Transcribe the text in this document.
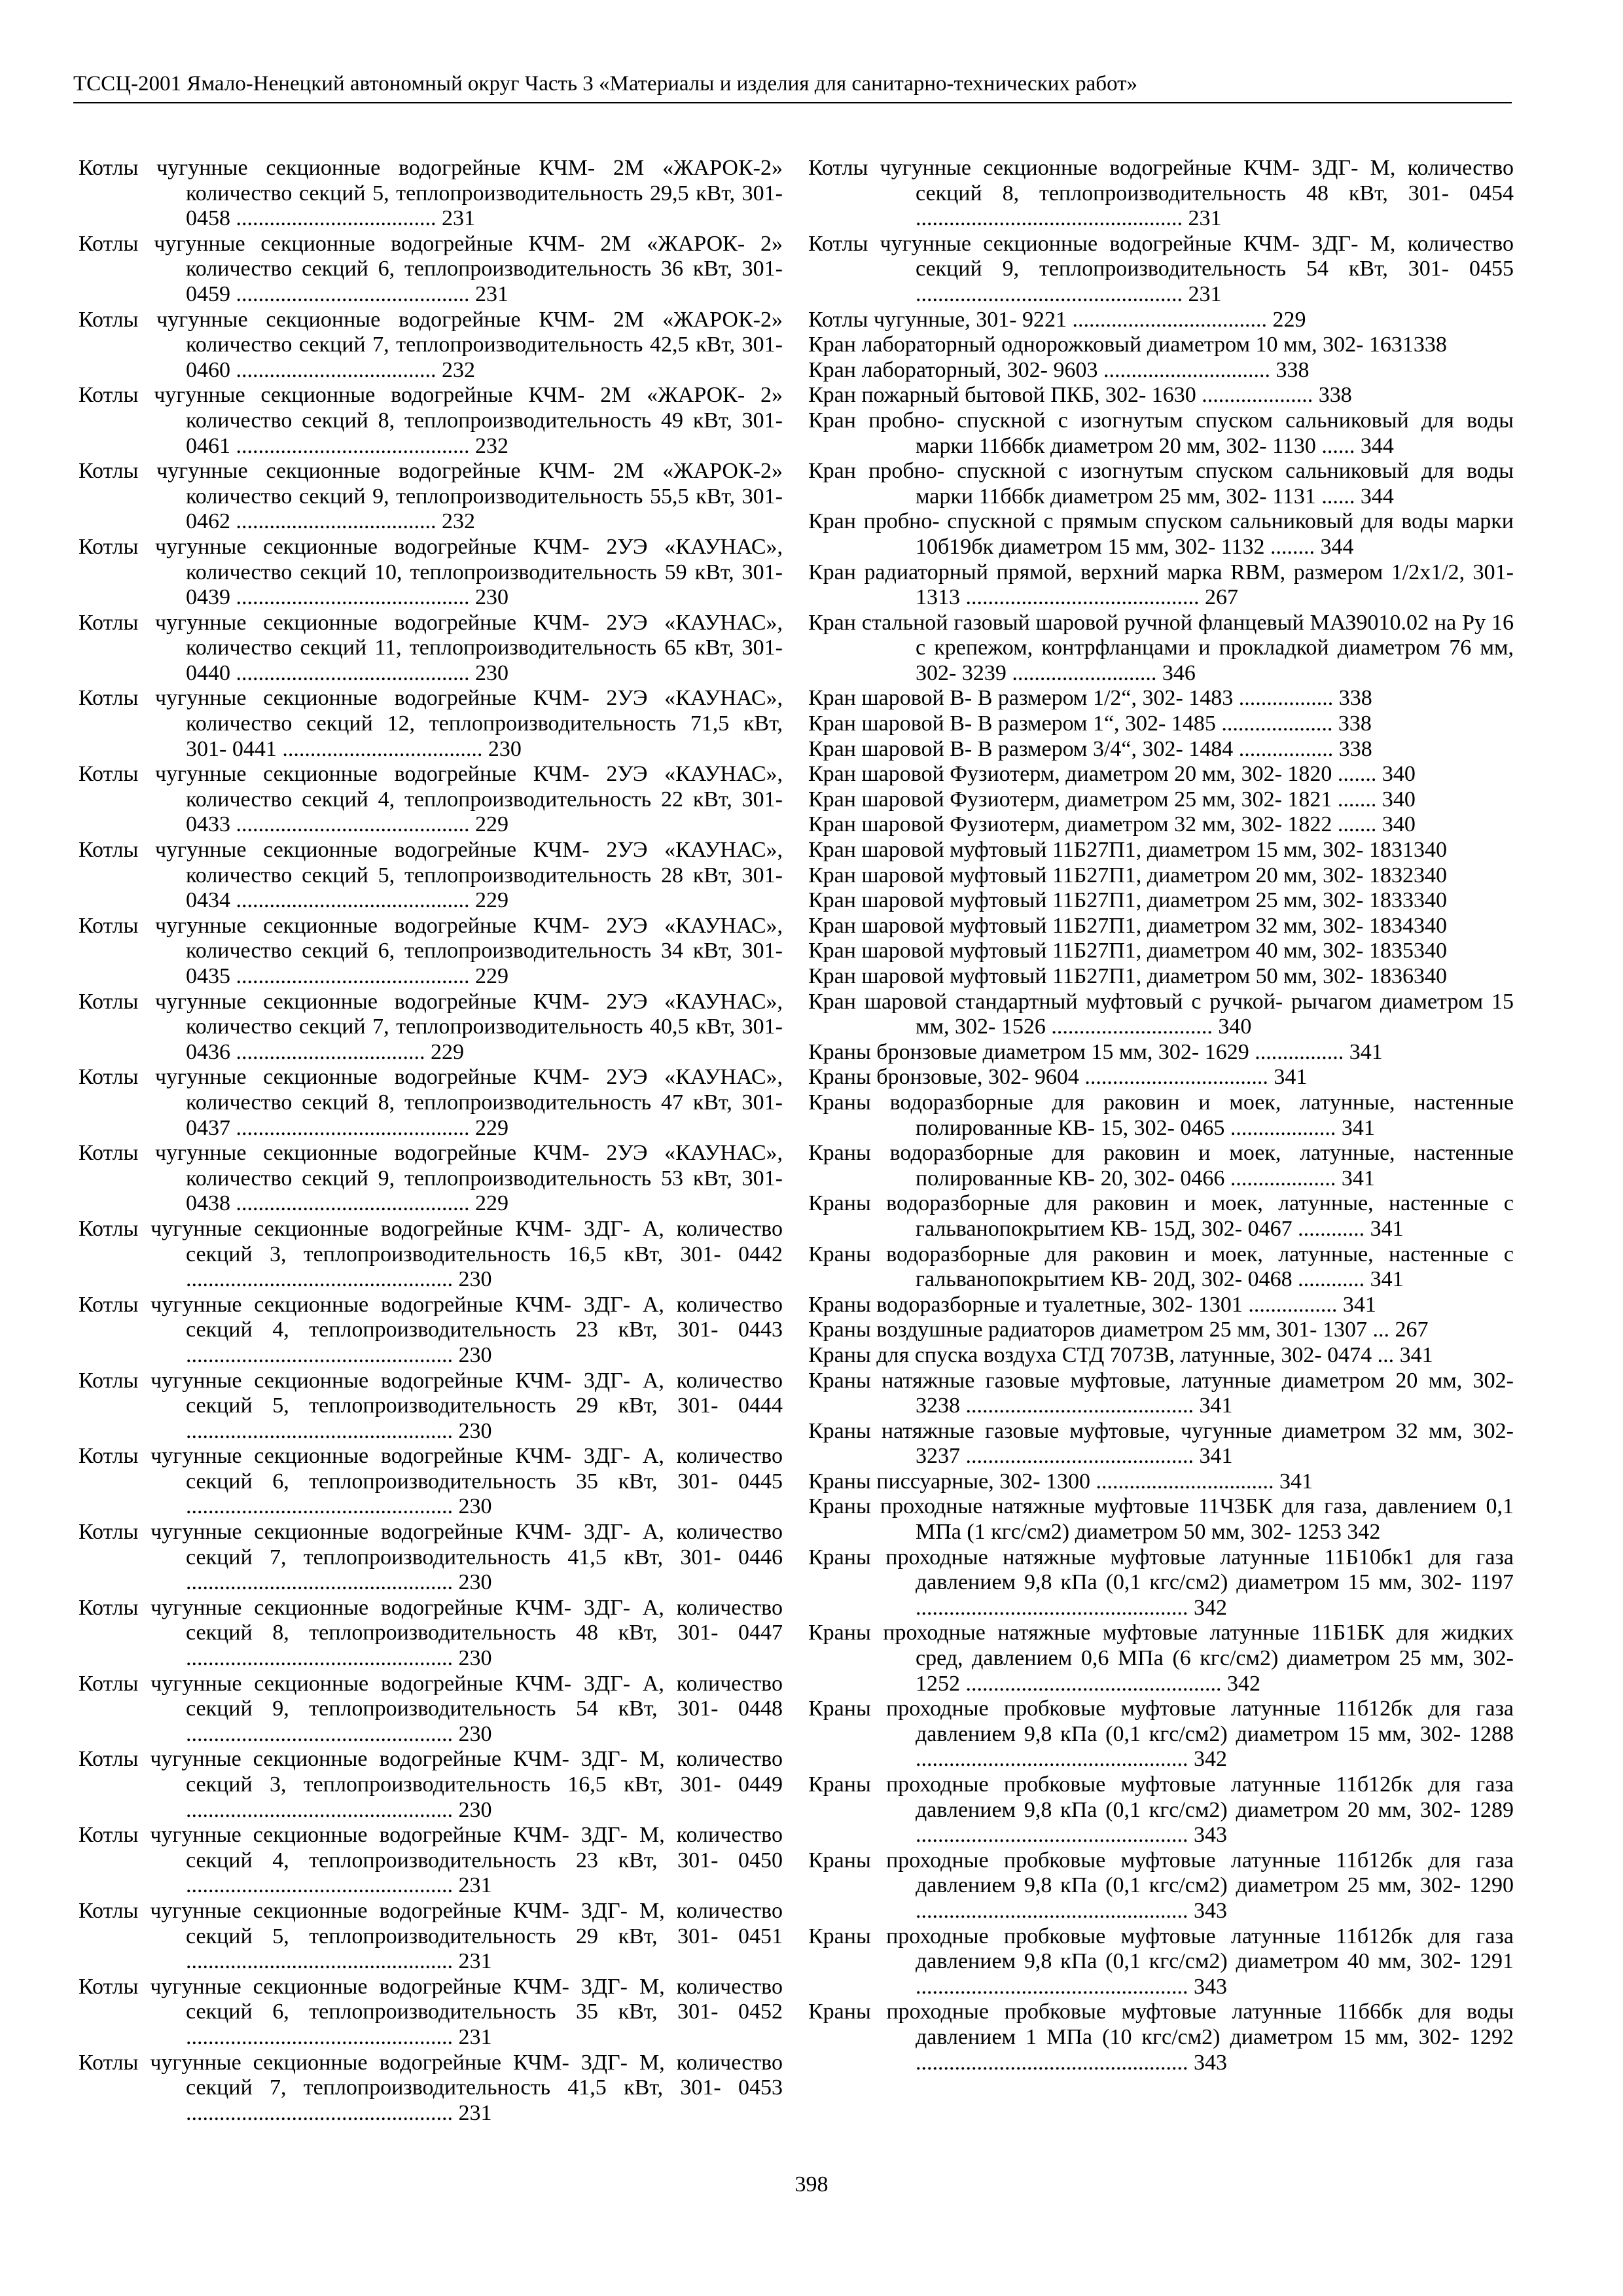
ТССЦ-2001 Ямало-Ненецкий автономный округ Часть 3 «Материалы и изделия для санитарно-технических работ»

Котлы чугунные секционные водогрейные КЧМ- 2М «ЖАРОК-2» количество секций 5, теплопроизводительность 29,5 кВт, 301- 0458 .................................... 231

Котлы чугунные секционные водогрейные КЧМ- 2М «ЖАРОК- 2» количество секций 6, теплопроизводительность 36 кВт, 301- 0459 .......................................... 231

Котлы чугунные секционные водогрейные КЧМ- 2М «ЖАРОК-2» количество секций 7, теплопроизводительность 42,5 кВт, 301- 0460 .................................... 232

Котлы чугунные секционные водогрейные КЧМ- 2М «ЖАРОК- 2» количество секций 8, теплопроизводительность 49 кВт, 301- 0461 .......................................... 232

Котлы чугунные секционные водогрейные КЧМ- 2М «ЖАРОК-2» количество секций 9, теплопроизводительность 55,5 кВт, 301- 0462 .................................... 232

Котлы чугунные секционные водогрейные КЧМ- 2УЭ «КАУНАС», количество секций 10, теплопроизводительность 59 кВт, 301- 0439 .......................................... 230

Котлы чугунные секционные водогрейные КЧМ- 2УЭ «КАУНАС», количество секций 11, теплопроизводительность 65 кВт, 301- 0440 .......................................... 230

Котлы чугунные секционные водогрейные КЧМ- 2УЭ «КАУНАС», количество секций 12, теплопроизводительность 71,5 кВт, 301- 0441 .................................... 230

Котлы чугунные секционные водогрейные КЧМ- 2УЭ «КАУНАС», количество секций 4, теплопроизводительность 22 кВт, 301- 0433 .......................................... 229

Котлы чугунные секционные водогрейные КЧМ- 2УЭ «КАУНАС», количество секций 5, теплопроизводительность 28 кВт, 301- 0434 .......................................... 229

Котлы чугунные секционные водогрейные КЧМ- 2УЭ «КАУНАС», количество секций 6, теплопроизводительность 34 кВт, 301- 0435 .......................................... 229

Котлы чугунные секционные водогрейные КЧМ- 2УЭ «КАУНАС», количество секций 7, теплопроизводительность 40,5 кВт, 301- 0436 .................................. 229

Котлы чугунные секционные водогрейные КЧМ- 2УЭ «КАУНАС», количество секций 8, теплопроизводительность 47 кВт, 301- 0437 .......................................... 229

Котлы чугунные секционные водогрейные КЧМ- 2УЭ «КАУНАС», количество секций 9, теплопроизводительность 53 кВт, 301- 0438 .......................................... 229

Котлы чугунные секционные водогрейные КЧМ- 3ДГ- А, количество секций 3, теплопроизводительность 16,5 кВт, 301- 0442 ................................................ 230

Котлы чугунные секционные водогрейные КЧМ- 3ДГ- А, количество секций 4, теплопроизводительность 23 кВт, 301- 0443 ................................................ 230

Котлы чугунные секционные водогрейные КЧМ- 3ДГ- А, количество секций 5, теплопроизводительность 29 кВт, 301- 0444 ................................................ 230

Котлы чугунные секционные водогрейные КЧМ- 3ДГ- А, количество секций 6, теплопроизводительность 35 кВт, 301- 0445 ................................................ 230

Котлы чугунные секционные водогрейные КЧМ- 3ДГ- А, количество секций 7, теплопроизводительность 41,5 кВт, 301- 0446 ................................................ 230

Котлы чугунные секционные водогрейные КЧМ- 3ДГ- А, количество секций 8, теплопроизводительность 48 кВт, 301- 0447 ................................................ 230

Котлы чугунные секционные водогрейные КЧМ- 3ДГ- А, количество секций 9, теплопроизводительность 54 кВт, 301- 0448 ................................................ 230

Котлы чугунные секционные водогрейные КЧМ- 3ДГ- М, количество секций 3, теплопроизводительность 16,5 кВт, 301- 0449 ................................................ 230

Котлы чугунные секционные водогрейные КЧМ- 3ДГ- М, количество секций 4, теплопроизводительность 23 кВт, 301- 0450 ................................................ 231

Котлы чугунные секционные водогрейные КЧМ- 3ДГ- М, количество секций 5, теплопроизводительность 29 кВт, 301- 0451 ................................................ 231

Котлы чугунные секционные водогрейные КЧМ- 3ДГ- М, количество секций 6, теплопроизводительность 35 кВт, 301- 0452 ................................................ 231

Котлы чугунные секционные водогрейные КЧМ- 3ДГ- М, количество секций 7, теплопроизводительность 41,5 кВт, 301- 0453 ................................................ 231

Котлы чугунные секционные водогрейные КЧМ- 3ДГ- М, количество секций 8, теплопроизводительность 48 кВт, 301- 0454 ................................................ 231

Котлы чугунные секционные водогрейные КЧМ- 3ДГ- М, количество секций 9, теплопроизводительность 54 кВт, 301- 0455 ................................................ 231

Котлы чугунные, 301- 9221 ................................... 229

Кран лабораторный однорожковый диаметром 10 мм, 302- 1631338

Кран лабораторный, 302- 9603 .............................. 338

Кран пожарный бытовой ПКБ, 302- 1630 .................... 338

Кран пробно- спускной с изогнутым спуском сальниковый для воды марки 11б6бк диаметром 20 мм, 302- 1130 ...... 344

Кран пробно- спускной с изогнутым спуском сальниковый для воды марки 11б6бк диаметром 25 мм, 302- 1131 ...... 344

Кран пробно- спускной с прямым спуском сальниковый для воды марки 10б19бк диаметром 15 мм, 302- 1132 ........ 344

Кран радиаторный прямой, верхний марка RBM, размером 1/2х1/2, 301- 1313 .......................................... 267

Кран стальной газовый шаровой ручной фланцевый МАЗ9010.02 на Ру 16 с крепежом, контрфланцами и прокладкой диаметром 76 мм, 302- 3239 .......................... 346

Кран шаровой В- В размером 1/2“, 302- 1483 ................. 338

Кран шаровой В- В размером 1“, 302- 1485 .................... 338

Кран шаровой В- В размером 3/4“, 302- 1484 ................. 338

Кран шаровой Фузиотерм, диаметром 20 мм, 302- 1820 ....... 340

Кран шаровой Фузиотерм, диаметром 25 мм, 302- 1821 ....... 340

Кран шаровой Фузиотерм, диаметром 32 мм, 302- 1822 ....... 340

Кран шаровой муфтовый 11Б27П1, диаметром 15 мм, 302- 1831340

Кран шаровой муфтовый 11Б27П1, диаметром 20 мм, 302- 1832340

Кран шаровой муфтовый 11Б27П1, диаметром 25 мм, 302- 1833340

Кран шаровой муфтовый 11Б27П1, диаметром 32 мм, 302- 1834340

Кран шаровой муфтовый 11Б27П1, диаметром 40 мм, 302- 1835340

Кран шаровой муфтовый 11Б27П1, диаметром 50 мм, 302- 1836340

Кран шаровой стандартный муфтовый с ручкой- рычагом диаметром 15 мм, 302- 1526 ............................. 340

Краны бронзовые диаметром 15 мм, 302- 1629 ................ 341

Краны бронзовые, 302- 9604 ................................. 341

Краны водоразборные для раковин и моек, латунные, настенные полированные КВ- 15, 302- 0465 ................... 341

Краны водоразборные для раковин и моек, латунные, настенные полированные КВ- 20, 302- 0466 ................... 341

Краны водоразборные для раковин и моек, латунные, настенные с гальванопокрытием КВ- 15Д, 302- 0467 ............ 341

Краны водоразборные для раковин и моек, латунные, настенные с гальванопокрытием КВ- 20Д, 302- 0468 ............ 341

Краны водоразборные и туалетные, 302- 1301 ................ 341

Краны воздушные радиаторов диаметром 25 мм, 301- 1307 ... 267

Краны для спуска воздуха СТД 7073В, латунные, 302- 0474 ... 341

Краны натяжные газовые муфтовые, латунные диаметром 20 мм, 302- 3238 ......................................... 341

Краны натяжные газовые муфтовые, чугунные диаметром 32 мм, 302- 3237 ......................................... 341

Краны писсуарные, 302- 1300 ................................ 341

Краны проходные натяжные муфтовые 11Ч3БК для газа, давлением 0,1 МПа (1 кгс/см2) диаметром 50 мм, 302- 1253 342

Краны проходные натяжные муфтовые латунные 11Б10бк1 для газа давлением 9,8 кПа (0,1 кгс/см2) диаметром 15 мм, 302- 1197 ................................................. 342

Краны проходные натяжные муфтовые латунные 11Б1БК для жидких сред, давлением 0,6 МПа (6 кгс/см2) диаметром 25 мм, 302- 1252 .............................................. 342

Краны проходные пробковые муфтовые латунные 11б12бк для газа давлением 9,8 кПа (0,1 кгс/см2) диаметром 15 мм, 302- 1288 ................................................. 342

Краны проходные пробковые муфтовые латунные 11б12бк для газа давлением 9,8 кПа (0,1 кгс/см2) диаметром 20 мм, 302- 1289 ................................................. 343

Краны проходные пробковые муфтовые латунные 11б12бк для газа давлением 9,8 кПа (0,1 кгс/см2) диаметром 25 мм, 302- 1290 ................................................. 343

Краны проходные пробковые муфтовые латунные 11б12бк для газа давлением 9,8 кПа (0,1 кгс/см2) диаметром 40 мм, 302- 1291 ................................................. 343

Краны проходные пробковые муфтовые латунные 11б6бк для воды давлением 1 МПа (10 кгс/см2) диаметром 15 мм, 302- 1292 ................................................. 343

398
